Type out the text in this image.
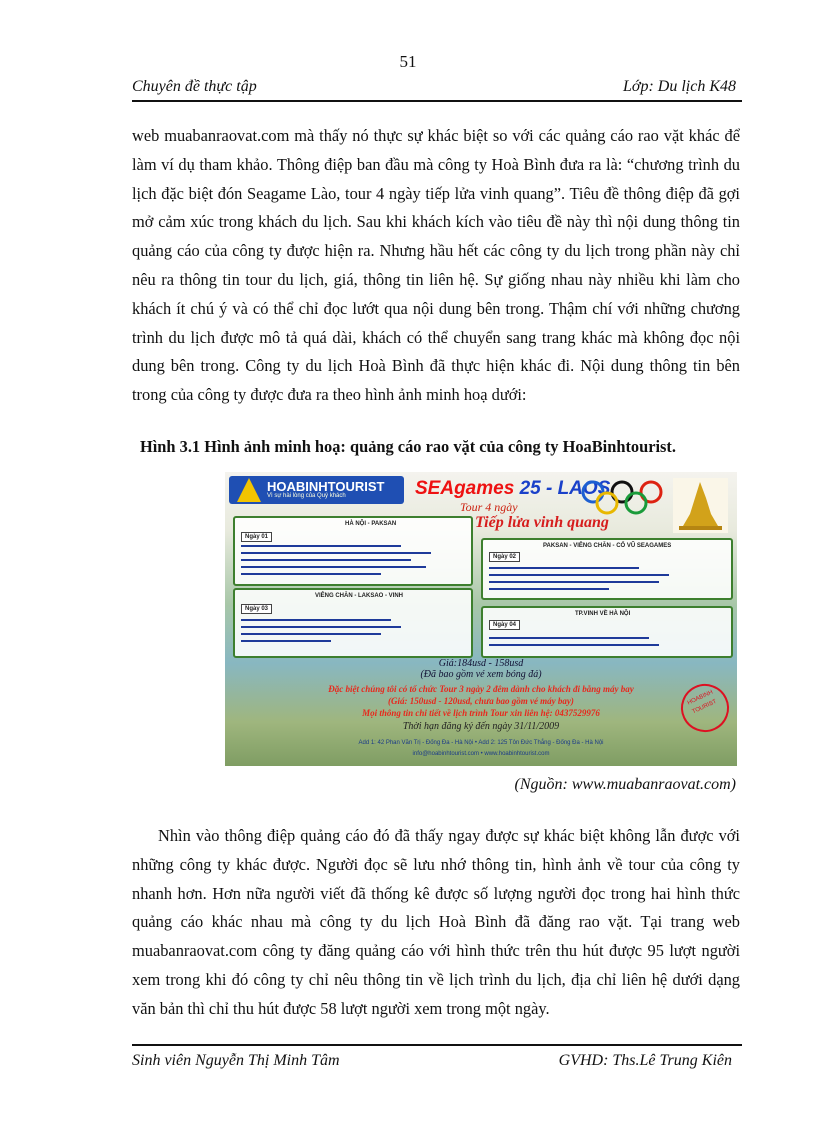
51
Chuyên đề thực tập	Lớp: Du lịch K48

web muabanraovat.com mà thấy nó thực sự khác biệt so với các quảng cáo rao vặt khác để làm ví dụ tham khảo. Thông điệp ban đầu mà công ty Hoà Bình đưa ra là: “chương trình du lịch đặc biệt đón Seagame Lào, tour 4 ngày tiếp lửa vinh quang”. Tiêu đề thông điệp đã gợi mở cảm xúc trong khách du lịch. Sau khi khách kích vào tiêu đề này thì nội dung thông tin quảng cáo của công ty được hiện ra. Nhưng hầu hết các công ty du lịch trong phần này chỉ nêu ra thông tin tour du lịch, giá, thông tin liên hệ. Sự giống nhau này nhiều khi làm cho khách ít chú ý và có thể chỉ đọc lướt qua nội dung bên trong. Thậm chí với những chương trình du lịch được mô tả quá dài, khách có thể chuyển sang trang khác mà không đọc nội dung bên trong. Công ty du lịch Hoà Bình đã thực hiện khác đi. Nội dung thông tin bên trong của công ty được đưa ra theo hình ảnh minh hoạ dưới:

Hình 3.1 Hình ảnh minh hoạ: quảng cáo rao vặt của công ty HoaBinhtourist.
HOABINHTOURIST
Vì sự hài lòng của Quý khách	SEAgames 25 - LAOS
Tour 4 ngày
Tiếp lửa vinh quang
HÀ NỘI - PAKSAN
Ngày 01
PAKSAN - VIÊNG CHĂN - CỔ VŨ SEAGAMES
Ngày 02
VIÊNG CHĂN - LAKSAO - VINH
Ngày 03
TP.VINH VỀ HÀ NỘI
Ngày 04
Giá:184usd - 158usd
(Đã bao gồm vé xem bóng đá)
Đặc biệt chúng tôi có tổ chức Tour 3 ngày 2 đêm dành cho khách đi bằng máy bay
(Giá: 150usd - 120usd, chưa bao gồm vé máy bay)
Mọi thông tin chi tiết về lịch trình Tour xin liên hệ: 0437529976
Thời hạn đăng ký đến ngày 31/11/2009
Add 1: 42 Phan Văn Trị - Đống Đa - Hà Nội • Add 2: 125 Tôn Đức Thắng - Đống Đa - Hà Nội
info@hoabinhtourist.com • www.hoabinhtourist.com
HOABINH TOURIST
(Nguồn: www.muabanraovat.com)

Nhìn vào thông điệp quảng cáo đó đã thấy ngay được sự khác biệt không lẫn được với những công ty khác được. Người đọc sẽ lưu nhớ thông tin, hình ảnh về tour của công ty nhanh hơn. Hơn nữa người viết đã thống kê được số lượng người đọc trong hai hình thức quảng cáo khác nhau mà công ty du lịch Hoà Bình đã đăng rao vặt. Tại trang web muabanraovat.com công ty đăng quảng cáo với hình thức trên thu hút được 95 lượt người xem trong khi đó công ty chỉ nêu thông tin về lịch trình du lịch, địa chỉ liên hệ dưới dạng văn bản thì chỉ thu hút được 58 lượt người xem trong một ngày.

Sinh viên Nguyễn Thị Minh Tâm	GVHD: Ths.Lê Trung Kiên
